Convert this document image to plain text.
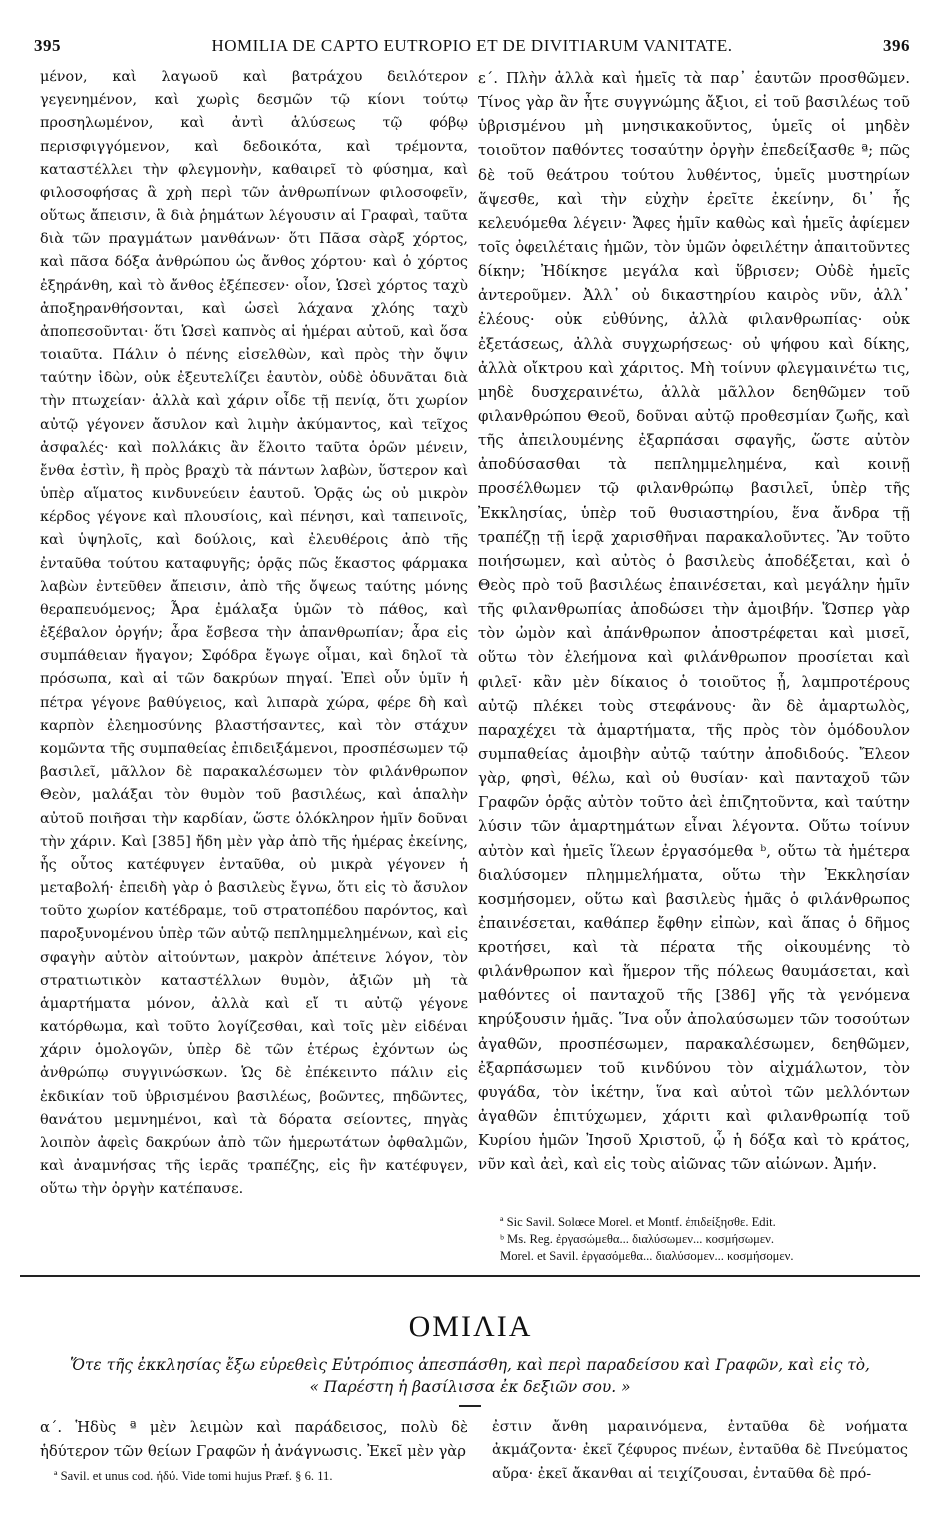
395	HOMILIA DE CAPTO EUTROPIO ET DE DIVITIARUM VANITATE.	396

μένον, καὶ λαγωοῦ καὶ βατράχου δειλότερον γεγενημένον, καὶ χωρὶς δεσμῶν τῷ κίονι τούτῳ προσηλωμένον, καὶ ἀντὶ ἁλύσεως τῷ φόβῳ περισφιγγόμενον, καὶ δεδοικότα, καὶ τρέμοντα, καταστέλλει τὴν φλεγμονὴν, καθαιρεῖ τὸ φύσημα, καὶ φιλοσοφήσας ἃ χρὴ περὶ τῶν ἀνθρωπίνων φιλοσοφεῖν, οὕτως ἄπεισιν, ἃ διὰ ῥημάτων λέγουσιν αἱ Γραφαὶ, ταῦτα διὰ τῶν πραγμάτων μανθάνων· ὅτι Πᾶσα σὰρξ χόρτος, καὶ πᾶσα δόξα ἀνθρώπου ὡς ἄνθος χόρτου· καὶ ὁ χόρτος ἐξηράνθη, καὶ τὸ ἄνθος ἐξέπεσεν· οἷον, Ὡσεὶ χόρτος ταχὺ ἀποξηρανθήσονται, καὶ ὡσεὶ λάχανα χλόης ταχὺ ἀποπεσοῦνται· ὅτι Ὡσεὶ καπνὸς αἱ ἡμέραι αὐτοῦ, καὶ ὅσα τοιαῦτα. Πάλιν ὁ πένης εἰσελθὼν, καὶ πρὸς τὴν ὄψιν ταύτην ἰδὼν, οὐκ ἐξευτελίζει ἑαυτὸν, οὐδὲ ὀδυνᾶται διὰ τὴν πτωχείαν· ἀλλὰ καὶ χάριν οἶδε τῇ πενίᾳ, ὅτι χωρίον αὐτῷ γέγονεν ἄσυλον καὶ λιμὴν ἀκύμαντος, καὶ τεῖχος ἀσφαλές· καὶ πολλάκις ἂν ἕλοιτο ταῦτα ὁρῶν μένειν, ἔνθα ἐστὶν, ἢ πρὸς βραχὺ τὰ πάντων λαβὼν, ὕστερον καὶ ὑπὲρ αἵματος κινδυνεύειν ἑαυτοῦ. Ὁρᾷς ὡς οὐ μικρὸν κέρδος γέγονε καὶ πλουσίοις, καὶ πένησι, καὶ ταπεινοῖς, καὶ ὑψηλοῖς, καὶ δούλοις, καὶ ἐλευθέροις ἀπὸ τῆς ἐνταῦθα τούτου καταφυγῆς; ὁρᾷς πῶς ἕκαστος φάρμακα λαβὼν ἐντεῦθεν ἄπεισιν, ἀπὸ τῆς ὄψεως ταύτης μόνης θεραπευόμενος; Ἆρα ἐμάλαξα ὑμῶν τὸ πάθος, καὶ ἐξέβαλον ὀργήν; ἆρα ἔσβεσα τὴν ἀπανθρωπίαν; ἆρα εἰς συμπάθειαν ἤγαγον; Σφόδρα ἔγωγε οἶμαι, καὶ δηλοῖ τὰ πρόσωπα, καὶ αἱ τῶν δακρύων πηγαί. Ἐπεὶ οὖν ὑμῖν ἡ πέτρα γέγονε βαθύγειος, καὶ λιπαρὰ χώρα, φέρε δὴ καὶ καρπὸν ἐλεημοσύνης βλαστήσαντες, καὶ τὸν στάχυν κομῶντα τῆς συμπαθείας ἐπιδειξάμενοι, προσπέσωμεν τῷ βασιλεῖ, μᾶλλον δὲ παρακαλέσωμεν τὸν φιλάνθρωπον Θεὸν, μαλάξαι τὸν θυμὸν τοῦ βασιλέως, καὶ ἁπαλὴν αὐτοῦ ποιῆσαι τὴν καρδίαν, ὥστε ὁλόκληρον ἡμῖν δοῦναι τὴν χάριν. Καὶ [385] ἤδη μὲν γὰρ ἀπὸ τῆς ἡμέρας ἐκείνης, ἧς οὗτος κατέφυγεν ἐνταῦθα, οὐ μικρὰ γέγονεν ἡ μεταβολή· ἐπειδὴ γὰρ ὁ βασιλεὺς ἔγνω, ὅτι εἰς τὸ ἄσυλον τοῦτο χωρίον κατέδραμε, τοῦ στρατοπέδου παρόντος, καὶ παροξυνομένου ὑπὲρ τῶν αὐτῷ πεπλημμελημένων, καὶ εἰς σφαγὴν αὐτὸν αἰτούντων, μακρὸν ἀπέτεινε λόγον, τὸν στρατιωτικὸν καταστέλλων θυμὸν, ἀξιῶν μὴ τὰ ἁμαρτήματα μόνον, ἀλλὰ καὶ εἴ τι αὐτῷ γέγονε κατόρθωμα, καὶ τοῦτο λογίζεσθαι, καὶ τοῖς μὲν εἰδέναι χάριν ὁμολογῶν, ὑπὲρ δὲ τῶν ἑτέρως ἐχόντων ὡς ἀνθρώπῳ συγγινώσκων. Ὡς δὲ ἐπέκειντο πάλιν εἰς ἐκδικίαν τοῦ ὑβρισμένου βασιλέως, βοῶντες, πηδῶντες, θανάτου μεμνημένοι, καὶ τὰ δόρατα σείοντες, πηγὰς λοιπὸν ἀφεὶς δακρύων ἀπὸ τῶν ἡμερωτάτων ὀφθαλμῶν, καὶ ἀναμνήσας τῆς ἱερᾶς τραπέζης, εἰς ἣν κατέφυγεν, οὕτω τὴν ὀργὴν κατέπαυσε.

ε΄. Πλὴν ἀλλὰ καὶ ἡμεῖς τὰ παρ᾽ ἑαυτῶν προσθῶμεν. Τίνος γὰρ ἂν ἦτε συγγνώμης ἄξιοι, εἰ τοῦ βασιλέως τοῦ ὑβρισμένου μὴ μνησικακοῦντος, ὑμεῖς οἱ μηδὲν τοιοῦτον παθόντες τοσαύτην ὀργὴν ἐπεδείξασθε ª; πῶς δὲ τοῦ θεάτρου τούτου λυθέντος, ὑμεῖς μυστηρίων ἅψεσθε, καὶ τὴν εὐχὴν ἐρεῖτε ἐκείνην, δι᾽ ἧς κελευόμεθα λέγειν· Ἄφες ἡμῖν καθὼς καὶ ἡμεῖς ἀφίεμεν τοῖς ὀφειλέταις ἡμῶν, τὸν ὑμῶν ὀφειλέτην ἀπαιτοῦντες δίκην; Ἠδίκησε μεγάλα καὶ ὕβρισεν; Οὐδὲ ἡμεῖς ἀντεροῦμεν. Ἀλλ᾽ οὐ δικαστηρίου καιρὸς νῦν, ἀλλ᾽ ἐλέους· οὐκ εὐθύνης, ἀλλὰ φιλανθρωπίας· οὐκ ἐξετάσεως, ἀλλὰ συγχωρήσεως· οὐ ψήφου καὶ δίκης, ἀλλὰ οἴκτρου καὶ χάριτος. Μὴ τοίνυν φλεγμαινέτω τις, μηδὲ δυσχεραινέτω, ἀλλὰ μᾶλλον δεηθῶμεν τοῦ φιλανθρώπου Θεοῦ, δοῦναι αὐτῷ προθεσμίαν ζωῆς, καὶ τῆς ἀπειλουμένης ἐξαρπάσαι σφαγῆς, ὥστε αὐτὸν ἀποδύσασθαι τὰ πεπλημμελημένα, καὶ κοινῇ προσέλθωμεν τῷ φιλανθρώπῳ βασιλεῖ, ὑπὲρ τῆς Ἐκκλησίας, ὑπὲρ τοῦ θυσιαστηρίου, ἕνα ἄνδρα τῇ τραπέζῃ τῇ ἱερᾷ χαρισθῆναι παρακαλοῦντες. Ἂν τοῦτο ποιήσωμεν, καὶ αὐτὸς ὁ βασιλεὺς ἀποδέξεται, καὶ ὁ Θεὸς πρὸ τοῦ βασιλέως ἐπαινέσεται, καὶ μεγάλην ἡμῖν τῆς φιλανθρωπίας ἀποδώσει τὴν ἀμοιβήν. Ὥσπερ γὰρ τὸν ὠμὸν καὶ ἀπάνθρωπον ἀποστρέφεται καὶ μισεῖ, οὕτω τὸν ἐλεήμονα καὶ φιλάνθρωπον προσίεται καὶ φιλεῖ· κἂν μὲν δίκαιος ὁ τοιοῦτος ᾖ, λαμπροτέρους αὐτῷ πλέκει τοὺς στεφάνους· ἂν δὲ ἁμαρτωλὸς, παραχέχει τὰ ἁμαρτήματα, τῆς πρὸς τὸν ὁμόδουλον συμπαθείας ἀμοιβὴν αὐτῷ ταύτην ἀποδιδούς. Ἔλεον γὰρ, φησὶ, θέλω, καὶ οὐ θυσίαν· καὶ πανταχοῦ τῶν Γραφῶν ὁρᾷς αὐτὸν τοῦτο ἀεὶ ἐπιζητοῦντα, καὶ ταύτην λύσιν τῶν ἁμαρτημάτων εἶναι λέγοντα. Οὕτω τοίνυν αὐτὸν καὶ ἡμεῖς ἵλεων ἐργασόμεθα ᵇ, οὕτω τὰ ἡμέτερα διαλύσομεν πλημμελήματα, οὕτω τὴν Ἐκκλησίαν κοσμήσομεν, οὕτω καὶ βασιλεὺς ἡμᾶς ὁ φιλάνθρωπος ἐπαινέσεται, καθάπερ ἔφθην εἰπὼν, καὶ ἅπας ὁ δῆμος κροτήσει, καὶ τὰ πέρατα τῆς οἰκουμένης τὸ φιλάνθρωπον καὶ ἥμερον τῆς πόλεως θαυμάσεται, καὶ μαθόντες οἱ πανταχοῦ τῆς [386] γῆς τὰ γενόμενα κηρύξουσιν ἡμᾶς. Ἵνα οὖν ἀπολαύσωμεν τῶν τοσούτων ἀγαθῶν, προσπέσωμεν, παρακαλέσωμεν, δεηθῶμεν, ἐξαρπάσωμεν τοῦ κινδύνου τὸν αἰχμάλωτον, τὸν φυγάδα, τὸν ἱκέτην, ἵνα καὶ αὐτοὶ τῶν μελλόντων ἀγαθῶν ἐπιτύχωμεν, χάριτι καὶ φιλανθρωπίᾳ τοῦ Κυρίου ἡμῶν Ἰησοῦ Χριστοῦ, ᾧ ἡ δόξα καὶ τὸ κράτος, νῦν καὶ ἀεὶ, καὶ εἰς τοὺς αἰῶνας τῶν αἰώνων. Ἀμήν.

ª Sic Savil. Solœce Morel. et Montf. ἐπιδείξησθε. Edit.

ᵇ Ms. Reg. ἐργασώμεθα... διαλύσωμεν... κοσμήσωμεν.

Morel. et Savil. ἐργασόμεθα... διαλύσομεν... κοσμήσομεν.

ΟΜΙΛΙΑ
Ὅτε τῆς ἐκκλησίας ἔξω εὑρεθεὶς Εὐτρόπιος ἀπεσπάσθη, καὶ περὶ παραδείσου καὶ Γραφῶν, καὶ εἰς τὸ, « Παρέστη ἡ βασίλισσα ἐκ δεξιῶν σου. »

α΄. Ἡδὺς ª μὲν λειμὼν καὶ παράδεισος, πολὺ δὲ ἡδύτερον τῶν θείων Γραφῶν ἡ ἀνάγνωσις. Ἐκεῖ μὲν γὰρ

ª Savil. et unus cod. ἡδύ. Vide tomi hujus Præf. § 6. 11.

ἐστιν ἄνθη μαραινόμενα, ἐνταῦθα δὲ νοήματα ἀκμάζοντα· ἐκεῖ ζέφυρος πνέων, ἐνταῦθα δὲ Πνεύματος αὔρα· ἐκεῖ ἄκανθαι αἱ τειχίζουσαι, ἐνταῦθα δὲ πρό-
